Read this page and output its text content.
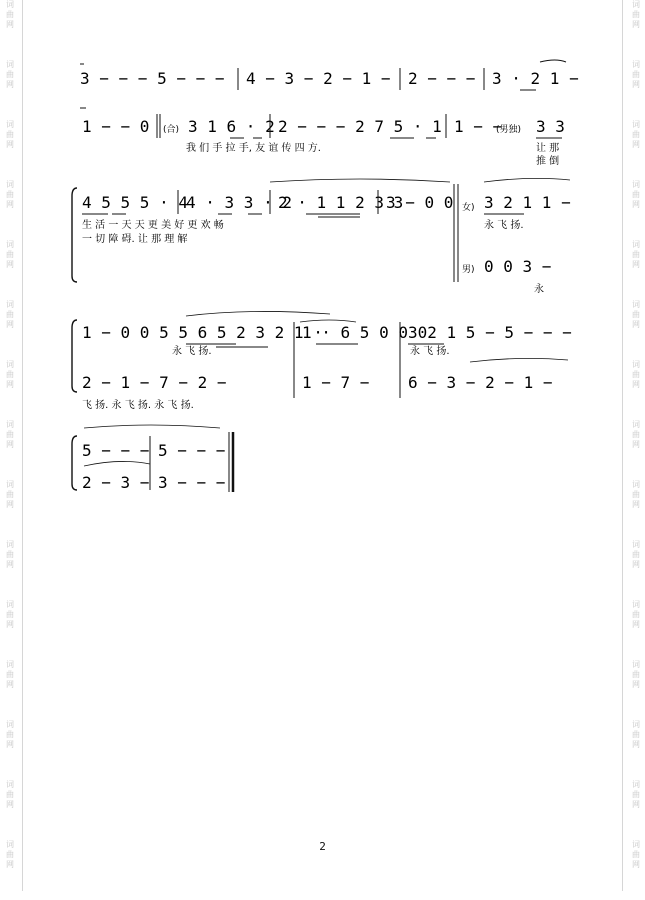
词
曲
网
词
曲
网
词
曲
网
词
曲
网
词
曲
网
词
曲
网
词
曲
网
词
曲
网
词
曲
网
词
曲
网
词
曲
网
词
曲
网
词
曲
网
词
曲
网
词
曲
网
词
曲
网
词
曲
网
词
曲
网
词
曲
网
词
曲
网
词
曲
网
词
曲
网
词
曲
网
词
曲
网
词
曲
网
词
曲
网
词
曲
网
词
曲
网
词
曲
网
词
曲
网
3 − − − 5 − − − 4 − 3 − 2 − 1 − 2 − − − 3 · 2 1 −
1 − − 0 (合) 3 1 6 · 2 2 − − − 2 7 5 · 1 1 − −
(男独) 3 3
我 们 手 拉 手, 友 谊 传 四 方.	让 那
推 倒
4 5 5 5 · 4
4 · 3 3 · 2
2 · 1 1 2 3 3
3 − 0 0 女) 3 2 1 1 −
生 活 一 天 天 更 美 好 更 欢 畅
一 切 障 碍. 让 那 理 解
永 飞 扬.
男) 0 0 3 −
永
1 − 0 0 5 5 6 5 2 3 2 1 ·
1 · 6 5 0 0 0
3 2 1 5 − 5 − − −
永 飞 扬.	永 飞 扬.
2 − 1 − 7 − 2 −	1 − 7 − 6 − 3 − 2 − 1 −
飞 扬. 永 飞 扬. 永 飞 扬.
5 − − − 5 − − −
2 − 3 − 3 − − −
2
